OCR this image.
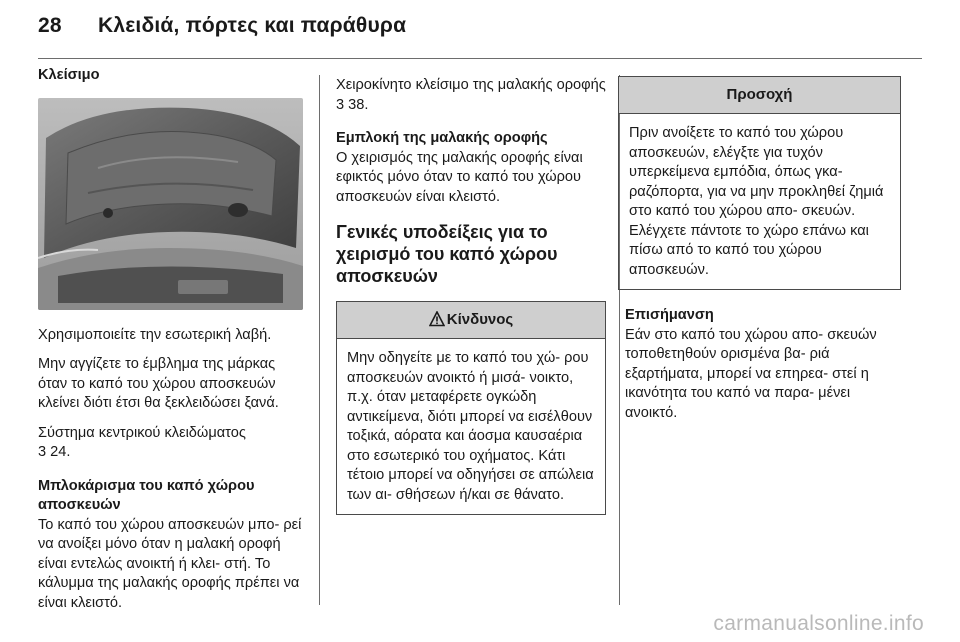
28 Κλειδιά, πόρτες και παράθυρα
Κλείσιμο

Χρησιμοποιείτε την εσωτερική λαβή.

Μην αγγίζετε το έμβλημα της μάρκας όταν το καπό του χώρου αποσκευών κλείνει διότι έτσι θα ξεκλειδώσει ξανά.

Σύστημα κεντρικού κλειδώματος
3 24.

Μπλοκάρισμα του καπό χώρου αποσκευών

Το καπό του χώρου αποσκευών μπο- ρεί να ανοίξει μόνο όταν η μαλακή οροφή είναι εντελώς ανοικτή ή κλει- στή. Το κάλυμμα της μαλακής οροφής πρέπει να είναι κλειστό.

Χειροκίνητο κλείσιμο της μαλακής οροφής 3 38.

Εμπλοκή της μαλακής οροφής

Ο χειρισμός της μαλακής οροφής είναι εφικτός μόνο όταν το καπό του χώρου αποσκευών είναι κλειστό.

Γενικές υποδείξεις για το χειρισμό του καπό χώρου αποσκευών
Κίνδυνος
Μην οδηγείτε με το καπό του χώ- ρου αποσκευών ανοικτό ή μισά- νοικτο, π.χ. όταν μεταφέρετε ογκώδη αντικείμενα, διότι μπορεί να εισέλθουν τοξικά, αόρατα και άοσμα καυσαέρια στο εσωτερικό του οχήματος. Κάτι τέτοιο μπορεί να οδηγήσει σε απώλεια των αι- σθήσεων ή/και σε θάνατο.
Προσοχή
Πριν ανοίξετε το καπό του χώρου αποσκευών, ελέγξτε για τυχόν υπερκείμενα εμπόδια, όπως γκα- ραζόπορτα, για να μην προκληθεί ζημιά στο καπό του χώρου απο- σκευών. Ελέγχετε πάντοτε το χώρο επάνω και πίσω από το καπό του χώρου αποσκευών.
Επισήμανση

Εάν στο καπό του χώρου απο- σκευών τοποθετηθούν ορισμένα βα- ριά εξαρτήματα, μπορεί να επηρεα- στεί η ικανότητα του καπό να παρα- μένει ανοικτό.

carmanualsonline.info
